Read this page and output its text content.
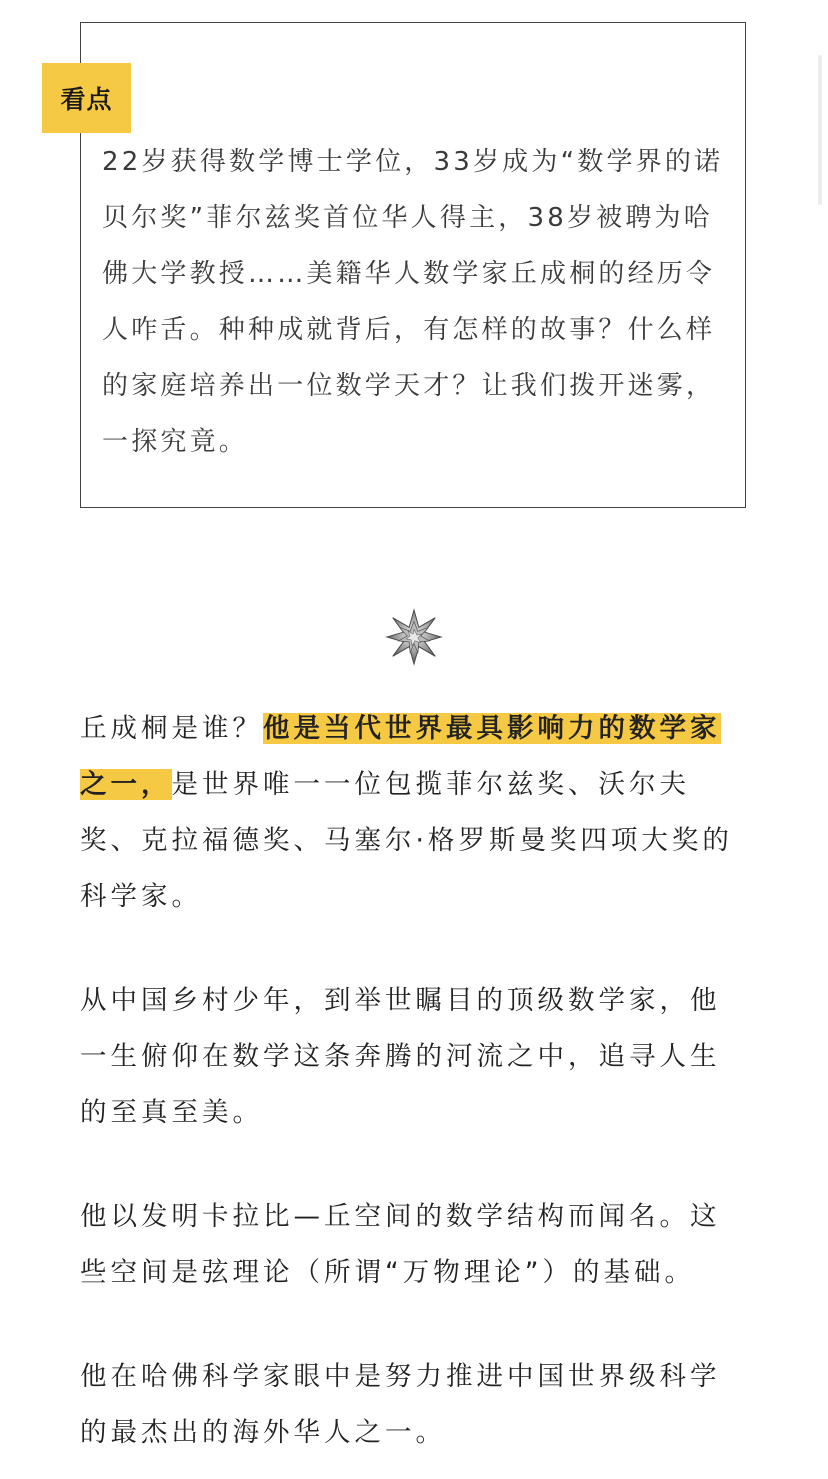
看点
22岁获得数学博士学位，33岁成为“数学界的诺贝尔奖”菲尔兹奖首位华人得主，38岁被聘为哈佛大学教授……美籍华人数学家丘成桐的经历令人咋舌。种种成就背后，有怎样的故事？什么样的家庭培养出一位数学天才？让我们拨开迷雾，一探究竟。

丘成桐是谁？他是当代世界最具影响力的数学家之一，是世界唯一一位包揽菲尔兹奖、沃尔夫奖、克拉福德奖、马塞尔·格罗斯曼奖四项大奖的科学家。

从中国乡村少年，到举世瞩目的顶级数学家，他一生俯仰在数学这条奔腾的河流之中，追寻人生的至真至美。

他以发明卡拉比—丘空间的数学结构而闻名。这些空间是弦理论（所谓“万物理论”）的基础。

他在哈佛科学家眼中是努力推进中国世界级科学的最杰出的海外华人之一。
